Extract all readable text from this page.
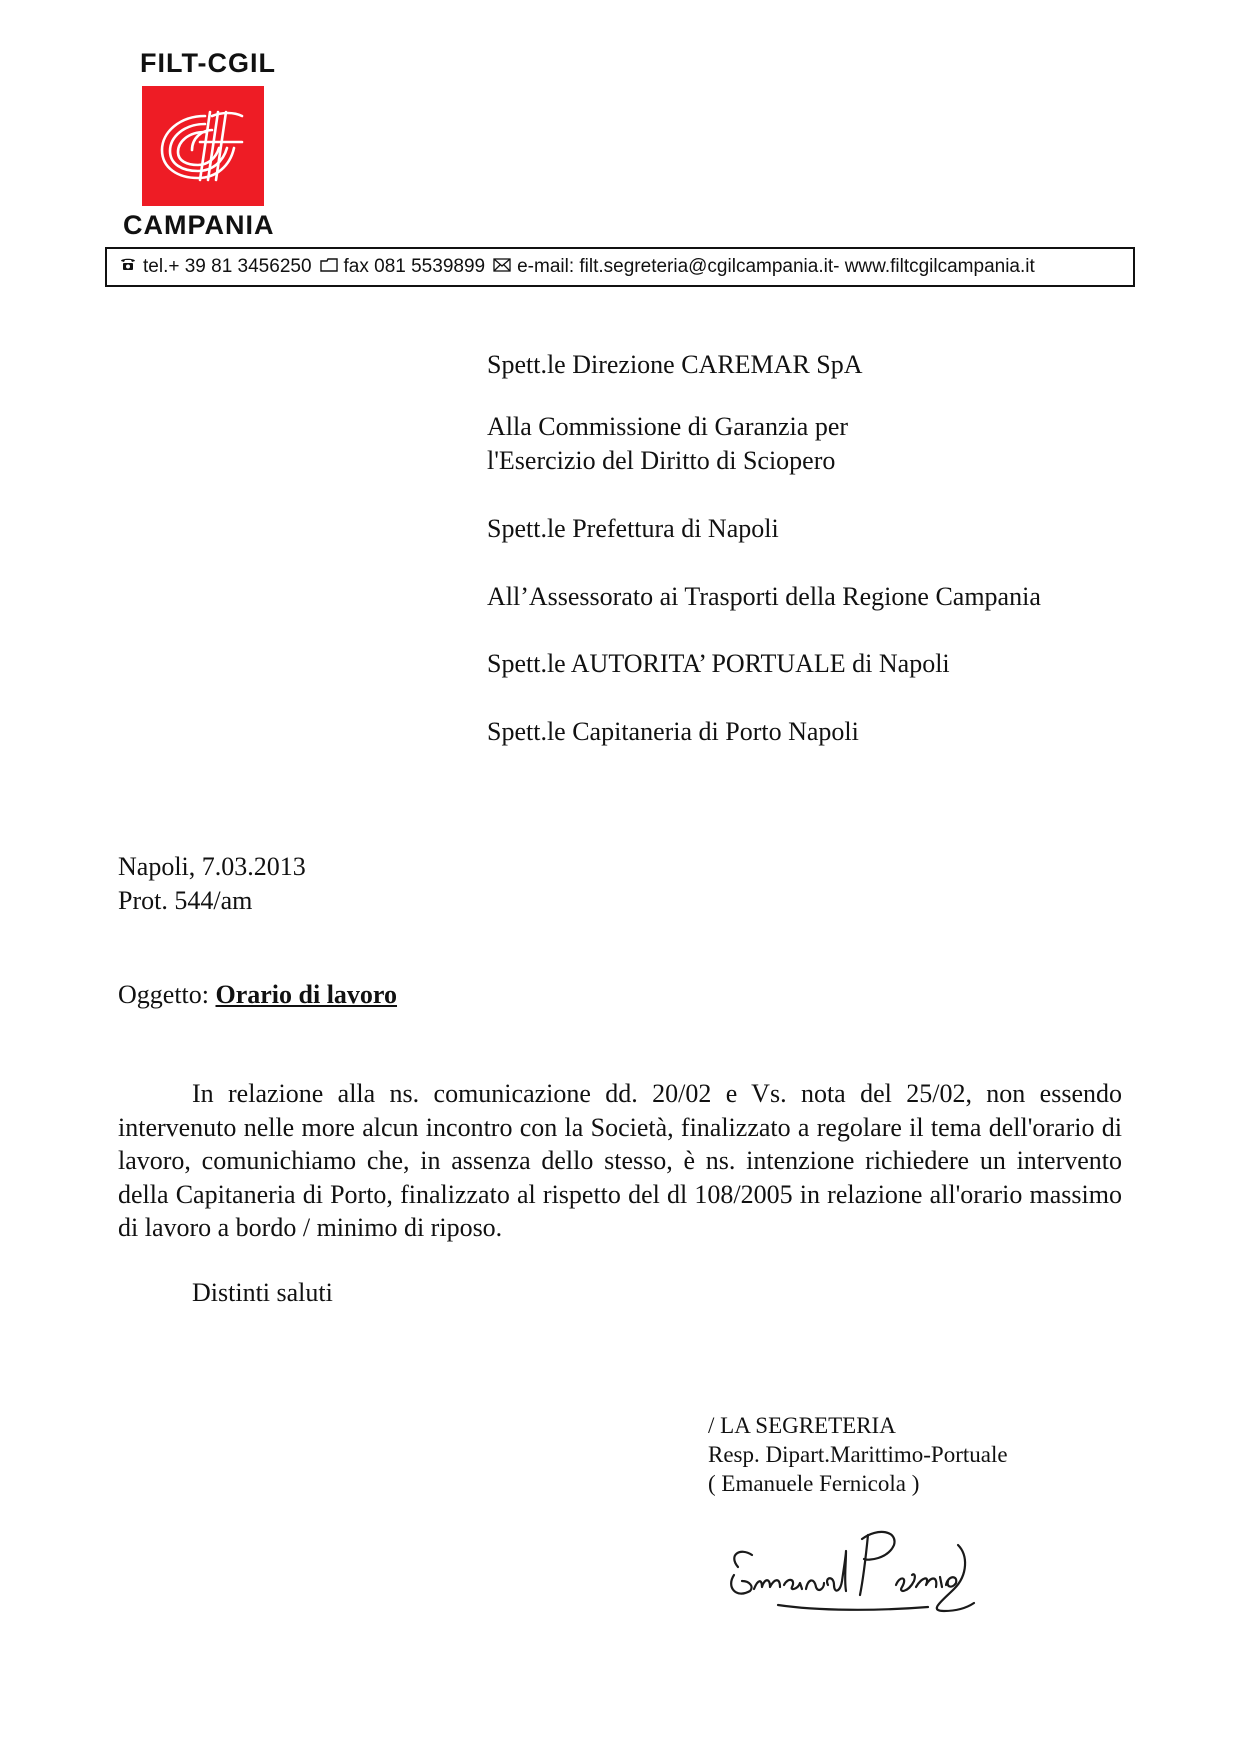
FILT-CGIL
CAMPANIA
tel.+ 39 81 3456250 fax 081 5539899 e-mail: filt.segreteria@cgilcampania.it- www.filtcgilcampania.it
Spett.le Direzione CAREMAR SpA
Alla Commissione di Garanzia per
l'Esercizio del Diritto di Sciopero
Spett.le Prefettura di Napoli
All’Assessorato ai Trasporti della Regione Campania
Spett.le AUTORITA’ PORTUALE di Napoli
Spett.le Capitaneria di Porto Napoli
Napoli, 7.03.2013
Prot. 544/am
Oggetto: Orario di lavoro
In relazione alla ns. comunicazione dd. 20/02 e Vs. nota del 25/02, non essendo intervenuto nelle more alcun incontro con la Società, finalizzato a regolare il tema dell'orario di lavoro, comunichiamo che, in assenza dello stesso, è ns. intenzione richiedere un intervento della Capitaneria di Porto, finalizzato al rispetto del dl 108/2005 in relazione all'orario massimo di lavoro a bordo / minimo di riposo.
Distinti saluti
/ LA SEGRETERIA
Resp. Dipart.Marittimo-Portuale
( Emanuele Fernicola )
